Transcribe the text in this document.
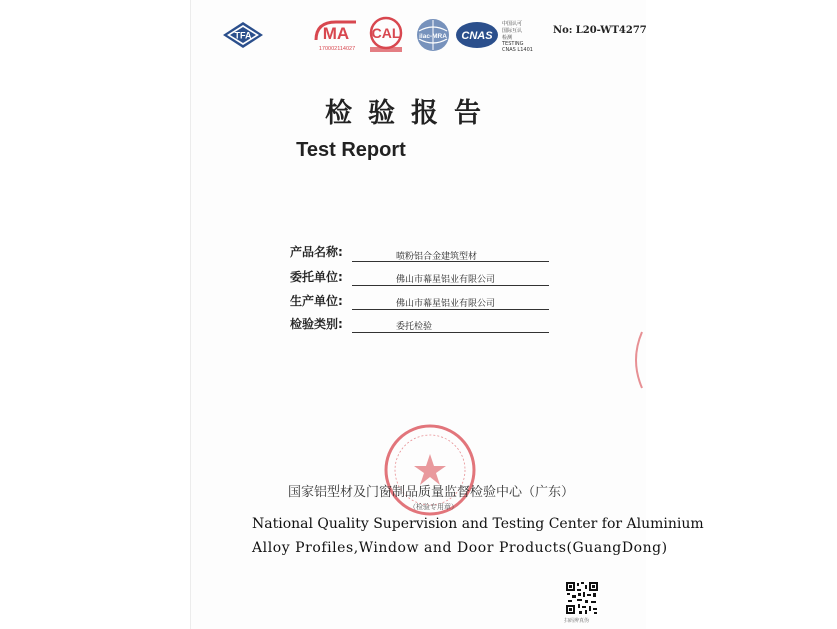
TFA	MA
170002114027
CAL	ilac-MRA CNAS
中国认可
国际互认
检测
TESTING
CNAS L1401
No: L20-WT4277
检验报告
Test Report
产品名称:	喷粉铝合金建筑型材
委托单位:	佛山市幕星铝业有限公司
生产单位:	佛山市幕星铝业有限公司
检验类别:	委托检验
国家铝型材及门窗制品质量监督检验中心（广东）
（检验专用章）
National Quality Supervision and Testing Center for Aluminium
Alloy Profiles,Window and Door Products(GuangDong)
扫码辨真伪
